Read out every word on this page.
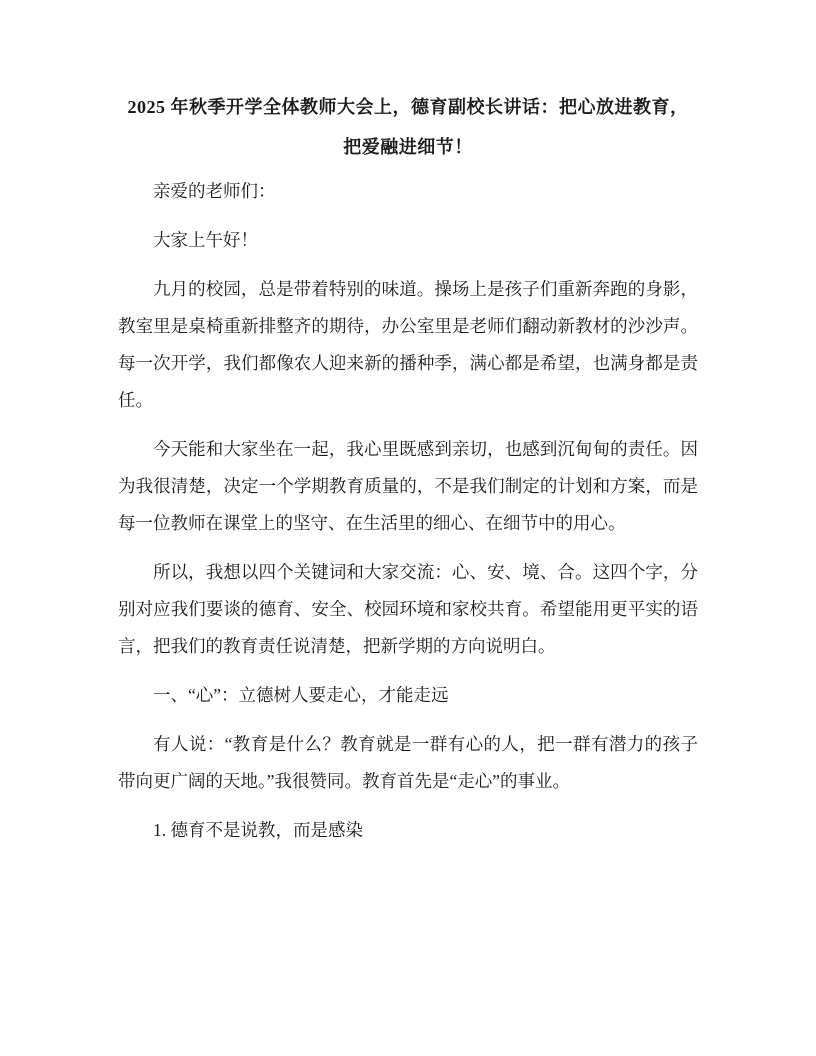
2025 年秋季开学全体教师大会上，德育副校长讲话：把心放进教育，
把爱融进细节！

亲爱的老师们：

大家上午好！

九月的校园，总是带着特别的味道。操场上是孩子们重新奔跑的身影，教室里是桌椅重新排整齐的期待，办公室里是老师们翻动新教材的沙沙声。每一次开学，我们都像农人迎来新的播种季，满心都是希望，也满身都是责任。

今天能和大家坐在一起，我心里既感到亲切，也感到沉甸甸的责任。因为我很清楚，决定一个学期教育质量的，不是我们制定的计划和方案，而是每一位教师在课堂上的坚守、在生活里的细心、在细节中的用心。

所以，我想以四个关键词和大家交流：心、安、境、合。这四个字，分别对应我们要谈的德育、安全、校园环境和家校共育。希望能用更平实的语言，把我们的教育责任说清楚，把新学期的方向说明白。

一、“心”：立德树人要走心，才能走远

有人说：“教育是什么？教育就是一群有心的人，把一群有潜力的孩子带向更广阔的天地。”我很赞同。教育首先是“走心”的事业。

1. 德育不是说教，而是感染
